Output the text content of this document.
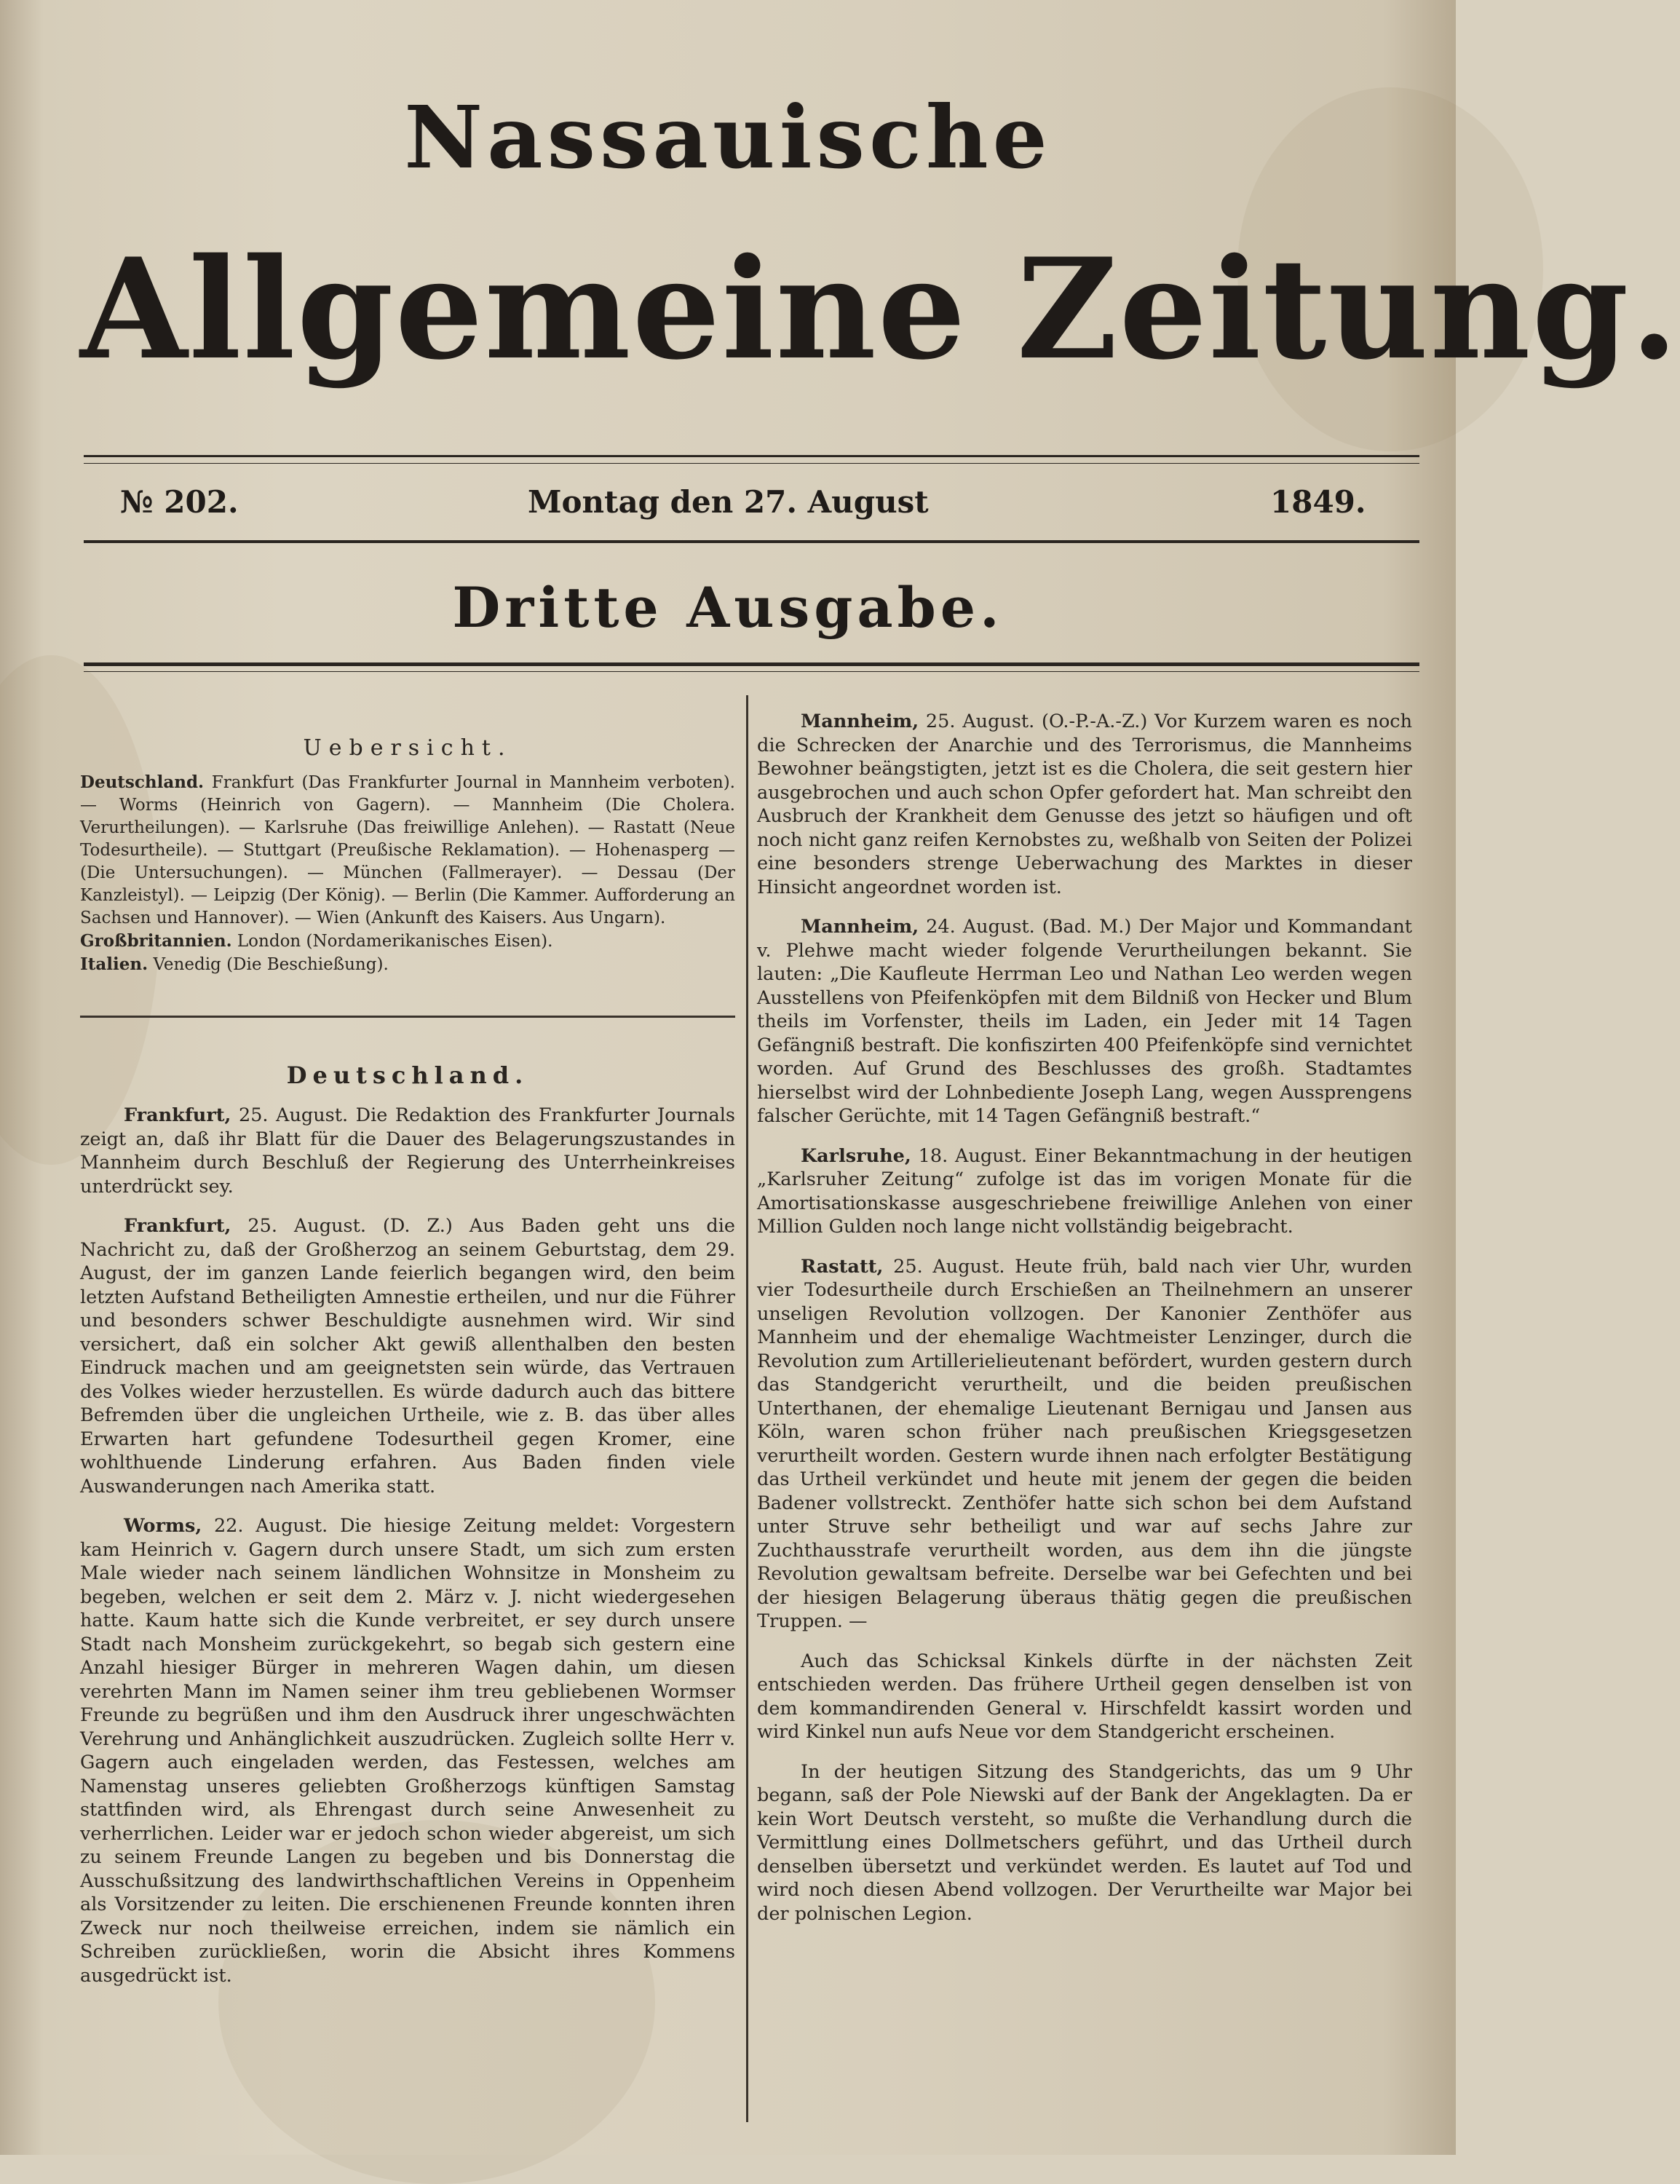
Nassauische
Allgemeine Zeitung.
№ 202.	Montag den 27. August	1849.
Dritte Ausgabe.
Uebersicht.

Deutschland. Frankfurt (Das Frankfurter Journal in Mannheim verboten). — Worms (Heinrich von Gagern). — Mannheim (Die Cholera. Verurtheilungen). — Karlsruhe (Das freiwillige Anlehen). — Rastatt (Neue Todesurtheile). — Stuttgart (Preußische Reklamation). — Hohenasperg — (Die Untersuchungen). — München (Fallmerayer). — Dessau (Der Kanzleistyl). — Leipzig (Der König). — Berlin (Die Kammer. Aufforderung an Sachsen und Hannover). — Wien (Ankunft des Kaisers. Aus Ungarn).

Großbritannien. London (Nordamerikanisches Eisen).

Italien. Venedig (Die Beschießung).

Deutschland.

Frankfurt, 25. August. Die Redaktion des Frankfurter Journals zeigt an, daß ihr Blatt für die Dauer des Belagerungszustandes in Mannheim durch Beschluß der Regierung des Unterrheinkreises unterdrückt sey.

Frankfurt, 25. August. (D. Z.) Aus Baden geht uns die Nachricht zu, daß der Großherzog an seinem Geburtstag, dem 29. August, der im ganzen Lande feierlich begangen wird, den beim letzten Aufstand Betheiligten Amnestie ertheilen, und nur die Führer und besonders schwer Beschuldigte ausnehmen wird. Wir sind versichert, daß ein solcher Akt gewiß allenthalben den besten Eindruck machen und am geeignetsten sein würde, das Vertrauen des Volkes wieder herzustellen. Es würde dadurch auch das bittere Befremden über die ungleichen Urtheile, wie z. B. das über alles Erwarten hart gefundene Todesurtheil gegen Kromer, eine wohlthuende Linderung erfahren. Aus Baden finden viele Auswanderungen nach Amerika statt.

Worms, 22. August. Die hiesige Zeitung meldet: Vorgestern kam Heinrich v. Gagern durch unsere Stadt, um sich zum ersten Male wieder nach seinem ländlichen Wohnsitze in Monsheim zu begeben, welchen er seit dem 2. März v. J. nicht wiedergesehen hatte. Kaum hatte sich die Kunde verbreitet, er sey durch unsere Stadt nach Monsheim zurückgekehrt, so begab sich gestern eine Anzahl hiesiger Bürger in mehreren Wagen dahin, um diesen verehrten Mann im Namen seiner ihm treu gebliebenen Wormser Freunde zu begrüßen und ihm den Ausdruck ihrer ungeschwächten Verehrung und Anhänglichkeit auszudrücken. Zugleich sollte Herr v. Gagern auch eingeladen werden, das Festessen, welches am Namenstag unseres geliebten Großherzogs künftigen Samstag stattfinden wird, als Ehrengast durch seine Anwesenheit zu verherrlichen. Leider war er jedoch schon wieder abgereist, um sich zu seinem Freunde Langen zu begeben und bis Donnerstag die Ausschußsitzung des landwirthschaftlichen Vereins in Oppenheim als Vorsitzender zu leiten. Die erschienenen Freunde konnten ihren Zweck nur noch theilweise erreichen, indem sie nämlich ein Schreiben zurückließen, worin die Absicht ihres Kommens ausgedrückt ist.

Mannheim, 25. August. (O.-P.-A.-Z.) Vor Kurzem waren es noch die Schrecken der Anarchie und des Terrorismus, die Mannheims Bewohner beängstigten, jetzt ist es die Cholera, die seit gestern hier ausgebrochen und auch schon Opfer gefordert hat. Man schreibt den Ausbruch der Krankheit dem Genusse des jetzt so häufigen und oft noch nicht ganz reifen Kernobstes zu, weßhalb von Seiten der Polizei eine besonders strenge Ueberwachung des Marktes in dieser Hinsicht angeordnet worden ist.

Mannheim, 24. August. (Bad. M.) Der Major und Kommandant v. Plehwe macht wieder folgende Verurtheilungen bekannt. Sie lauten: „Die Kaufleute Herrman Leo und Nathan Leo werden wegen Ausstellens von Pfeifenköpfen mit dem Bildniß von Hecker und Blum theils im Vorfenster, theils im Laden, ein Jeder mit 14 Tagen Gefängniß bestraft. Die konfiszirten 400 Pfeifenköpfe sind vernichtet worden. Auf Grund des Beschlusses des großh. Stadtamtes hierselbst wird der Lohnbediente Joseph Lang, wegen Aussprengens falscher Gerüchte, mit 14 Tagen Gefängniß bestraft.“

Karlsruhe, 18. August. Einer Bekanntmachung in der heutigen „Karlsruher Zeitung“ zufolge ist das im vorigen Monate für die Amortisationskasse ausgeschriebene freiwillige Anlehen von einer Million Gulden noch lange nicht vollständig beigebracht.

Rastatt, 25. August. Heute früh, bald nach vier Uhr, wurden vier Todesurtheile durch Erschießen an Theilnehmern an unserer unseligen Revolution vollzogen. Der Kanonier Zenthöfer aus Mannheim und der ehemalige Wachtmeister Lenzinger, durch die Revolution zum Artillerielieutenant befördert, wurden gestern durch das Standgericht verurtheilt, und die beiden preußischen Unterthanen, der ehemalige Lieutenant Bernigau und Jansen aus Köln, waren schon früher nach preußischen Kriegsgesetzen verurtheilt worden. Gestern wurde ihnen nach erfolgter Bestätigung das Urtheil verkündet und heute mit jenem der gegen die beiden Badener vollstreckt. Zenthöfer hatte sich schon bei dem Aufstand unter Struve sehr betheiligt und war auf sechs Jahre zur Zuchthausstrafe verurtheilt worden, aus dem ihn die jüngste Revolution gewaltsam befreite. Derselbe war bei Gefechten und bei der hiesigen Belagerung überaus thätig gegen die preußischen Truppen. —

Auch das Schicksal Kinkels dürfte in der nächsten Zeit entschieden werden. Das frühere Urtheil gegen denselben ist von dem kommandirenden General v. Hirschfeldt kassirt worden und wird Kinkel nun aufs Neue vor dem Standgericht erscheinen.

In der heutigen Sitzung des Standgerichts, das um 9 Uhr begann, saß der Pole Niewski auf der Bank der Angeklagten. Da er kein Wort Deutsch versteht, so mußte die Verhandlung durch die Vermittlung eines Dollmetschers geführt, und das Urtheil durch denselben übersetzt und verkündet werden. Es lautet auf Tod und wird noch diesen Abend vollzogen. Der Verurtheilte war Major bei der polnischen Legion.
